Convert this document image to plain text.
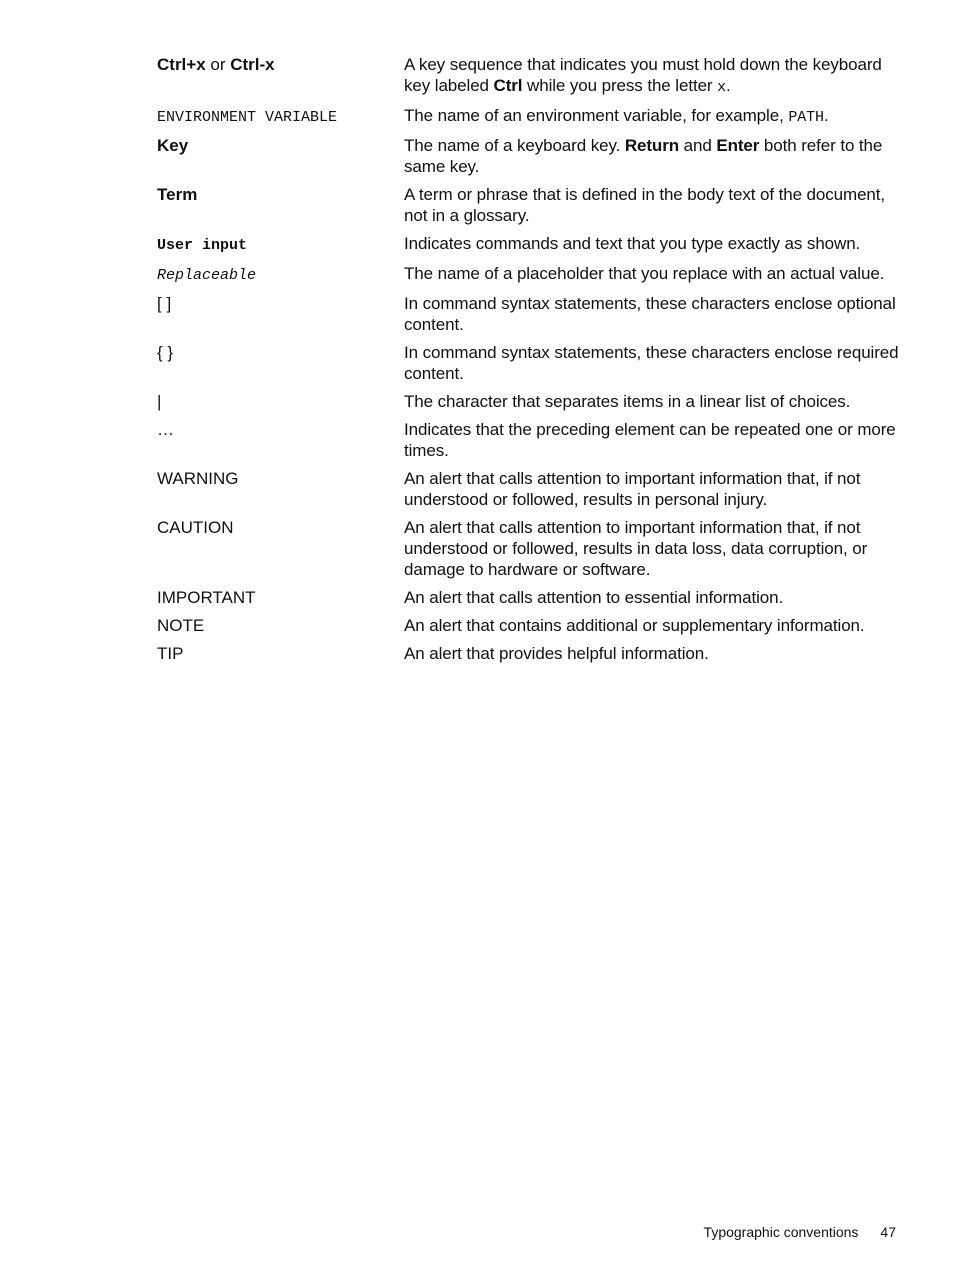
Ctrl+x or Ctrl-x	A key sequence that indicates you must hold down the keyboard key labeled Ctrl while you press the letter x.
ENVIRONMENT VARIABLE	The name of an environment variable, for example, PATH.
Key	The name of a keyboard key. Return and Enter both refer to the same key.
Term	A term or phrase that is defined in the body text of the document, not in a glossary.
User input	Indicates commands and text that you type exactly as shown.
Replaceable	The name of a placeholder that you replace with an actual value.
[ ]	In command syntax statements, these characters enclose optional content.
{ }	In command syntax statements, these characters enclose required content.
|	The character that separates items in a linear list of choices.
…	Indicates that the preceding element can be repeated one or more times.
WARNING	An alert that calls attention to important information that, if not understood or followed, results in personal injury.
CAUTION	An alert that calls attention to important information that, if not understood or followed, results in data loss, data corruption, or damage to hardware or software.
IMPORTANT	An alert that calls attention to essential information.
NOTE	An alert that contains additional or supplementary information.
TIP	An alert that provides helpful information.
Typographic conventions 47
